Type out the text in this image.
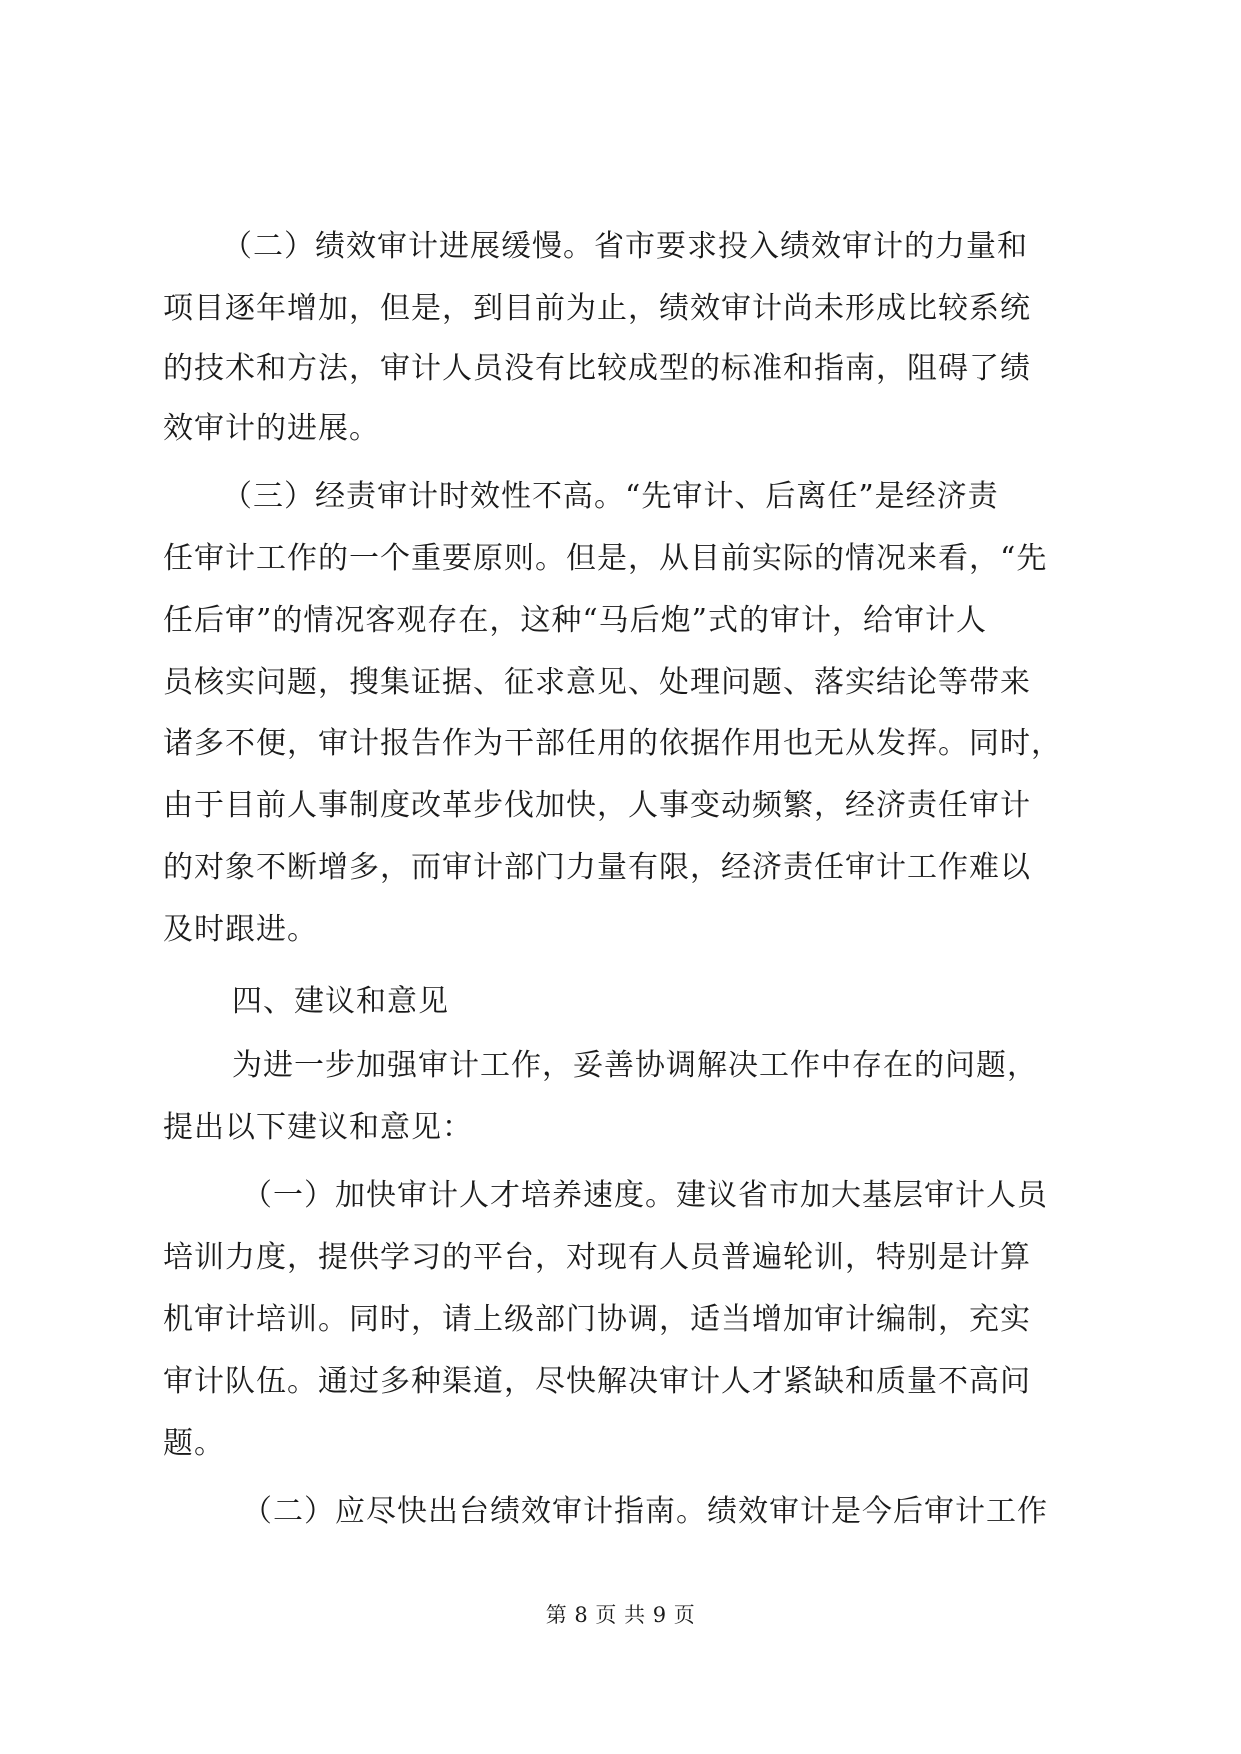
（二）绩效审计进展缓慢。省市要求投入绩效审计的力量和
项目逐年增加，但是，到目前为止，绩效审计尚未形成比较系统
的技术和方法，审计人员没有比较成型的标准和指南，阻碍了绩
效审计的进展。
（三）经责审计时效性不高。“先审计、后离任”是经济责
任审计工作的一个重要原则。但是，从目前实际的情况来看，“先
任后审”的情况客观存在，这种“马后炮”式的审计，给审计人
员核实问题，搜集证据、征求意见、处理问题、落实结论等带来
诸多不便，审计报告作为干部任用的依据作用也无从发挥。同时，
由于目前人事制度改革步伐加快，人事变动频繁，经济责任审计
的对象不断增多，而审计部门力量有限，经济责任审计工作难以
及时跟进。
四、建议和意见
为进一步加强审计工作，妥善协调解决工作中存在的问题，
提出以下建议和意见：
（一）加快审计人才培养速度。建议省市加大基层审计人员
培训力度，提供学习的平台，对现有人员普遍轮训，特别是计算
机审计培训。同时，请上级部门协调，适当增加审计编制，充实
审计队伍。通过多种渠道，尽快解决审计人才紧缺和质量不高问
题。
（二）应尽快出台绩效审计指南。绩效审计是今后审计工作
第 8 页 共 9 页
